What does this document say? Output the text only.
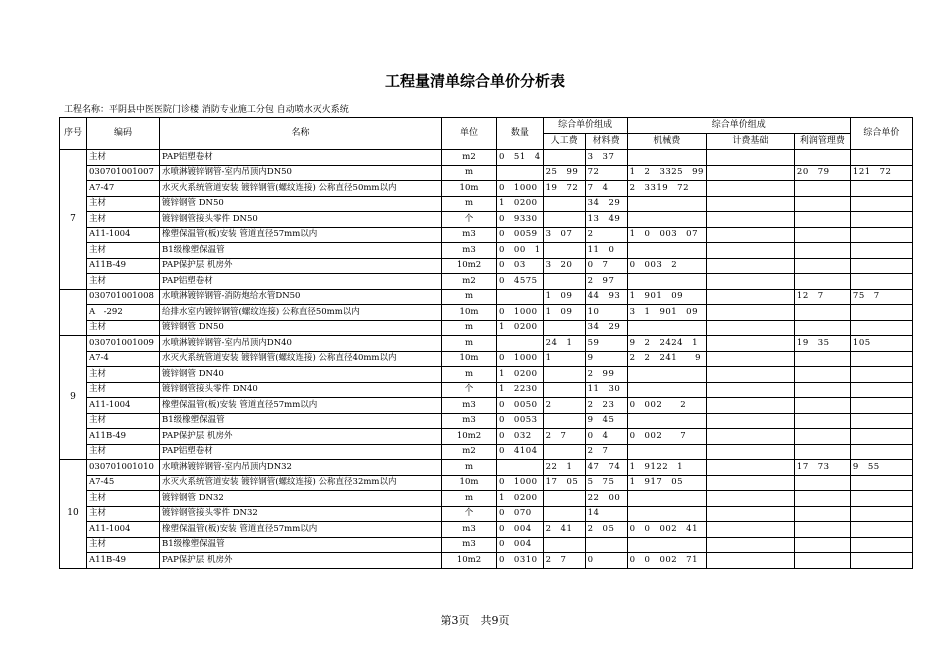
工程量清单综合单价分析表
工程名称：平阴县中医医院门诊楼 消防专业施工分包 自动喷水灭火系统
序号	编码	名称	单位	数量	综合单价组成		综合单价组成			综合单价
					人工费	材料费	机械费	计费基础	利润管理费	
7	主材	PAP铝塑卷材	m2	0　51　4		3　37				
	030701001007	水喷淋镀锌钢管-室内吊顶内DN50	m		25　99	72	1　2　3325　99		20　79	121　72
	A7-47	水灭火系统管道安装 镀锌钢管(螺纹连接) 公称直径50mm以内	10m	0　1000	19　72	7　4	2　3319　72			
	主材	镀锌钢管 DN50	m	1　0200		34　29				
	主材	镀锌钢管接头零件 DN50	个	0　9330		13　49				
	A11-1004	橡塑保温管(板)安装 管道直径57mm以内	m3	0　0059	3　07	2	1　0　003　07			
	主材	B1级橡塑保温管	m3	0　00　1		11　0				
	A11B-49	PAP保护层 机房外	10m2	0　03	3　20	0　7	0　003　2			
	主材	PAP铝塑卷材	m2	0　4575		2　97				
	030701001008	水喷淋镀锌钢管-消防炮给水管DN50	m		1　09	44　93	1　901　09		12　7	75　7
	A　-292	给排水室内镀锌钢管(螺纹连接) 公称直径50mm以内	10m	0　1000	1　09	10	3　1　901　09			
	主材	镀锌钢管 DN50	m	1　0200		34　29				
9	030701001009	水喷淋镀锌钢管-室内吊顶内DN40	m		24　1	59	9　2　2424　1		19　35	105
	A7-4	水灭火系统管道安装 镀锌钢管(螺纹连接) 公称直径40mm以内	10m	0　1000	1	9	2　2　241　　9			
	主材	镀锌钢管 DN40	m	1　0200		2　99				
	主材	镀锌钢管接头零件 DN40	个	1　2230		11　30				
	A11-1004	橡塑保温管(板)安装 管道直径57mm以内	m3	0　0050	2	2　23	0　002　　2			
	主材	B1级橡塑保温管	m3	0　0053		9　45				
	A11B-49	PAP保护层 机房外	10m2	0　032	2　7	0　4	0　002　　7			
	主材	PAP铝塑卷材	m2	0　4104		2　7				
10	030701001010	水喷淋镀锌钢管-室内吊顶内DN32	m		22　1	47　74	1　9122　1		17　73	9　55
	A7-45	水灭火系统管道安装 镀锌钢管(螺纹连接) 公称直径32mm以内	10m	0　1000	17　05	5　75	1　917　05			
	主材	镀锌钢管 DN32	m	1　0200		22　00				
	主材	镀锌钢管接头零件 DN32	个	0　070		14				
	A11-1004	橡塑保温管(板)安装 管道直径57mm以内	m3	0　004	2　41	2　05	0　0　002　41			
	主材	B1级橡塑保温管	m3	0　004						
	A11B-49	PAP保护层 机房外	10m2	0　0310	2　7	0	0　0　002　71			
第3页　共9页
